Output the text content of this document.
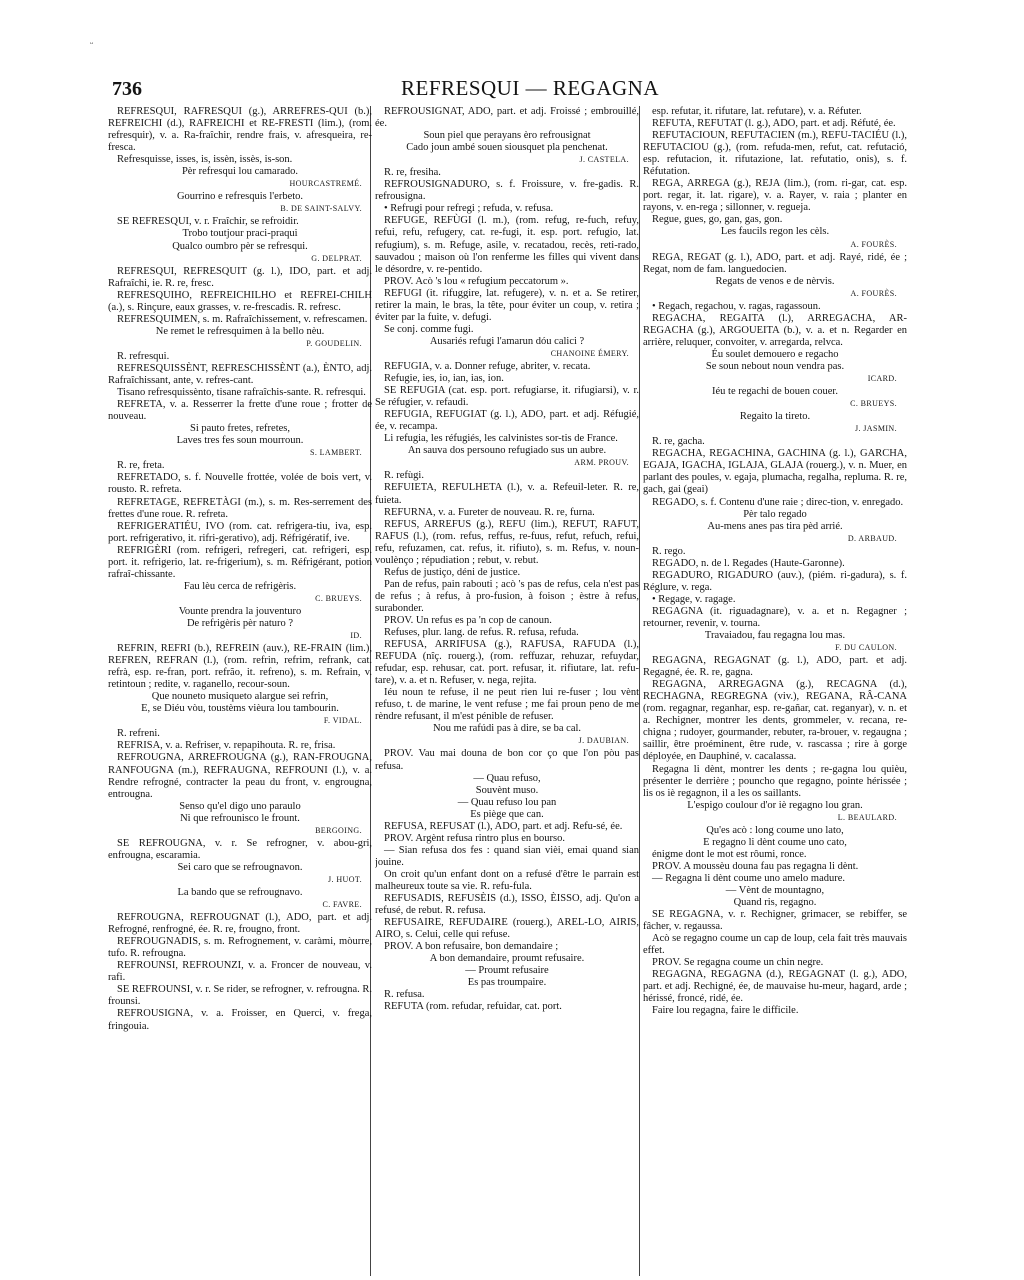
ᵕ
736	REFRESQUI — REGAGNA
REFRESQUI, RAFRESQUI (g.), ARREFRES-QUI (b.), REFREICHI (d.), RAFREICHI et RE-FRESTI (lim.), (rom. refresquir), v. a. Ra-fraîchir, rendre frais, v. afresqueira, re-fresca.
Refresquisse, isses, is, issèn, issès, is-son.
Pèr refresqui lou camarado.
HOURCASTREMÉ.
Gourrino e refresquis l'erbeto.
B. DE SAINT-SALVY.
SE REFRESQUI, v. r. Fraîchir, se refroidir.
Trobo toutjour praci-praqui
Qualco oumbro pèr se refresqui.
G. DELPRAT.
REFRESQUI, REFRESQUIT (g. l.), IDO, part. et adj. Rafraîchi, ie. R. re, fresc.
REFRESQUIHO, REFREICHILHO et REFREI-CHILH (a.), s. Rinçure, eaux grasses, v. re-frescadis. R. refresc.
REFRESQUIMEN, s. m. Rafraîchissement, v. refrescamen.
Ne remet le refresquimen à la bello nèu.
P. GOUDELIN.
R. refresqui.
REFRESQUISSÈNT, REFRESCHISSÈNT (a.), ÈNTO, adj. Rafraîchissant, ante, v. refres-cant.
Tisano refresquissènto, tisane rafraîchis-sante. R. refresqui.
REFRETA, v. a. Resserrer la frette d'une roue ; frotter de nouveau.
Si pauto fretes, refretes,
Laves tres fes soun mourroun.
S. LAMBERT.
R. re, freta.
REFRETADO, s. f. Nouvelle frottée, volée de bois vert, v. rousto. R. refreta.
REFRETAGE, REFRETÀGI (m.), s. m. Res-serrement des frettes d'une roue. R. refreta.
REFRIGERATIÉU, IVO (rom. cat. refrigera-tiu, iva, esp. port. refrigerativo, it. rifri-gerativo), adj. Réfrigératif, ive.
REFRIGÈRI (rom. refrigeri, refregeri, cat. refrigeri, esp. port. it. refrigerio, lat. re-frigerium), s. m. Réfrigérant, potion rafraî-chissante.
Fau lèu cerca de refrigèris.
C. BRUEYS.
Vounte prendra la jouventuro
De refrigèris pèr naturo ?
ID.
REFRIN, REFRI (b.), REFREIN (auv.), RE-FRAIN (lim.), REFREN, REFRAN (l.), (rom. refrin, refrim, refrank, cat. refrà, esp. re-fran, port. refrão, it. refreno), s. m. Refrain, v. retintoun ; redite, v. raganello, recour-soun.
Que nouneto musiqueto alargue sei refrin,
E, se Diéu vòu, toustèms vièura lou tambourin.
F. VIDAL.
R. refreni.
REFRISA, v. a. Refriser, v. repapihouta. R. re, frisa.
REFROUGNA, ARREFROUGNA (g.), RAN-FROUGNA, RANFOUGNA (m.), REFRAUGNA, REFROUNI (l.), v. a. Rendre refrogné, contracter la peau du front, v. engrougna, entrougna.
Senso qu'el digo uno paraulo
Ni que refrounisco le frount.
BERGOING.
SE REFROUGNA, v. r. Se refrogner, v. abou-gri, enfrougna, escaramia.
Sei caro que se refrougnavon.
J. HUOT.
La bando que se refrougnavo.
C. FAVRE.
REFROUGNA, REFROUGNAT (l.), ADO, part. et adj. Refrogné, renfrogné, ée. R. re, frougno, front.
REFROUGNADIS, s. m. Refrognement, v. caràmi, mòurre, tufo. R. refrougna.
REFROUNSI, REFROUNZI, v. a. Froncer de nouveau, v. rafi.
SE REFROUNSI, v. r. Se rider, se refrogner, v. refrougna. R. frounsi.
REFROUSIGNA, v. a. Froisser, en Querci, v. frega, fringouia.
REFROUSIGNAT, ADO, part. et adj. Froissé ; embrouillé, ée.
Soun piel que perayans èro refrousignat
Cado joun ambé souen siousquet pla penchenat.
J. CASTELA.
R. re, fresiha.
REFROUSIGNADURO, s. f. Froissure, v. fre-gadis. R. refrousigna.
• Refrugi pour refregi ; refuda, v. refusa.
REFUGE, REFÙGI (l. m.), (rom. refug, re-fuch, refuy, refui, refu, refugery, cat. re-fugi, it. esp. port. refugio, lat. refugium), s. m. Refuge, asile, v. recatadou, recès, reti-rado, sauvadou ; maison où l'on renferme les filles qui vivent dans le désordre, v. re-pentido.
PROV. Acò 's lou « refugium peccatorum ».
REFUGI (it. rifuggire, lat. refugere), v. n. et a. Se retirer, retirer la main, le bras, la tête, pour éviter un coup, v. retira ; éviter par la fuite, v. defugi.
Se conj. comme fugi.
Ausariés refugi l'amarun dóu calici ?
CHANOINE ÉMERY.
REFUGIA, v. a. Donner refuge, abriter, v. recata.
Refugie, ies, io, ian, ias, ion.
SE REFUGIA (cat. esp. port. refugiarse, it. rifugiarsi), v. r. Se réfugier, v. refaudi.
REFUGIA, REFUGIAT (g. l.), ADO, part. et adj. Réfugié, ée, v. recampa.
Li refugia, les réfugiés, les calvinistes sor-tis de France.
An sauva dos persouno refugiado sus un aubre.
ARM. PROUV.
R. refùgi.
REFUIETA, REFULHETA (l.), v. a. Refeuil-leter. R. re, fuieta.
REFURNA, v. a. Fureter de nouveau. R. re, furna.
REFUS, ARREFUS (g.), REFU (lim.), REFUT, RAFUT, RAFUS (l.), (rom. refus, reffus, re-fuus, refut, refuch, refui, refu, refuzamen, cat. refus, it. rifiuto), s. m. Refus, v. noun-voulènço ; répudiation ; rebut, v. rebut.
Refus de justiço, déni de justice.
Pan de refus, pain rabouti ; acò 's pas de refus, cela n'est pas de refus ; à refus, à pro-fusion, à foison ; èstre à refus, surabonder.
PROV. Un refus es pa 'n cop de canoun.
Refuses, plur. lang. de refus. R. refusa, refuda.
REFUSA, ARRIFUSA (g.), RAFUSA, RAFUDA (l.), REFUDA (nîç. rouerg.), (rom. reffuzar, rehuzar, refuydar, refudar, esp. rehusar, cat. port. refusar, it. rifiutare, lat. refu-tare), v. a. et n. Refuser, v. nega, rejita.
Iéu noun te refuse, il ne peut rien lui re-fuser ; lou vènt refuso, t. de marine, le vent refuse ; me fai proun peno de me rèndre refusant, il m'est pénible de refuser.
Nou me rafúdi pas à dire, se ba cal.
J. DAUBIAN.
PROV. Vau mai douna de bon cor ço que l'on pòu pas refusa.
— Quau refuso,
Souvènt muso.
— Quau refuso lou pan
Es piège que can.
REFUSA, REFUSAT (l.), ADO, part. et adj. Refu-sé, ée.
PROV. Argènt refusa rintro plus en bourso.
— Sian refusa dos fes : quand sian vièi, emai quand sian jouine.
On croit qu'un enfant dont on a refusé d'être le parrain est malheureux toute sa vie. R. refu-fula.
REFUSADIS, REFUSÈIS (d.), ISSO, ÈISSO, adj. Qu'on a refusé, de rebut. R. refusa.
REFUSAIRE, REFUDAIRE (rouerg.), AREL-LO, AIRIS, AIRO, s. Celui, celle qui refuse.
PROV. A bon refusaire, bon demandaire ;
A bon demandaire, proumt refusaire.
— Proumt refusaire
Es pas troumpaire.
R. refusa.
REFUTA (rom. refudar, refuidar, cat. port.
esp. refutar, it. rifutare, lat. refutare), v. a. Réfuter.
REFUTA, REFUTAT (l. g.), ADO, part. et adj. Réfuté, ée.
REFUTACIOUN, REFUTACIEN (m.), REFU-TACIÉU (l.), REFUTACIOU (g.), (rom. refuda-men, refut, cat. refutació, esp. refutacion, it. rifutazione, lat. refutatio, onis), s. f. Réfutation.
REGA, ARREGA (g.), REJA (lim.), (rom. ri-gar, cat. esp. port. regar, it. lat. rigare), v. a. Rayer, v. raia ; planter en rayons, v. en-rega ; sillonner, v. regueja.
Regue, gues, go, gan, gas, gon.
Les faucils regon les cèls.
A. FOURÈS.
REGA, REGAT (g. l.), ADO, part. et adj. Rayé, ridé, ée ; Regat, nom de fam. languedocien.
Regats de venos e de nèrvis.
A. FOURÈS.
• Regach, regachou, v. ragas, ragassoun.
REGACHA, REGAITA (l.), ARREGACHA, AR-REGACHA (g.), ARGOUEITA (b.), v. a. et n. Regarder en arrière, reluquer, convoiter, v. arregarda, relvca.
Éu soulet demouero e regacho
Se soun nebout noun vendra pas.
ICARD.
Iéu te regachi de bouen couer.
C. BRUEYS.
Regaito la tireto.
J. JASMIN.
R. re, gacha.
REGACHA, REGACHINA, GACHINA (g. l.), GARCHA, EGAJA, IGACHA, IGLAJA, GLAJA (rouerg.), v. n. Muer, en parlant des poules, v. egaja, plumacha, regalha, repluma. R. re, gach, gai (geai)
REGADO, s. f. Contenu d'une raie ; direc-tion, v. enregado.
Pèr talo regado
Au-mens anes pas tira pèd arrié.
D. ARBAUD.
R. rego.
REGADO, n. de l. Regades (Haute-Garonne).
REGADURO, RIGADURO (auv.), (piém. ri-gadura), s. f. Réglure, v. rega.
• Regage, v. ragage.
REGAGNA (it. riguadagnare), v. a. et n. Regagner ; retourner, revenir, v. tourna.
Travaiadou, fau regagna lou mas.
F. DU CAULON.
REGAGNA, REGAGNAT (g. l.), ADO, part. et adj. Regagné, ée. R. re, gagna.
REGAGNA, ARREGAGNA (g.), RECAGNA (d.), RECHAGNA, REGREGNA (viv.), REGANA, RÂ-CANA (rom. regagnar, reganhar, esp. re-gañar, cat. reganyar), v. n. et a. Rechigner, montrer les dents, grommeler, v. recana, re-chigna ; rudoyer, gourmander, rebuter, ra-brouer, v. regaugna ; saillir, être proéminent, être rude, v. rascassa ; rire à gorge déployée, en Dauphiné, v. cacalassa.
Regagna li dènt, montrer les dents ; re-gagna lou quièu, présenter le derrière ; pouncho que regagno, pointe hérissée ; lis os iè regagnon, il a les os saillants.
L'espigo coulour d'or iè regagno lou gran.
L. BEAULARD.
Qu'es acò : long coume uno lato,
E regagno li dènt coume uno cato,
énigme dont le mot est rôumi, ronce.
PROV. A moussèu douna fau pas regagna li dènt.
— Regagna li dènt coume uno amelo madure.
— Vènt de mountagno,
Quand ris, regagno.
SE REGAGNA, v. r. Rechigner, grimacer, se rebiffer, se fâcher, v. regaussa.
Acò se regagno coume un cap de loup, cela fait très mauvais effet.
PROV. Se regagna coume un chin negre.
REGAGNA, REGAGNA (d.), REGAGNAT (l. g.), ADO, part. et adj. Rechigné, ée, de mauvaise hu-meur, hagard, arde ; hérissé, froncé, ridé, ée.
Faire lou regagna, faire le difficile.
